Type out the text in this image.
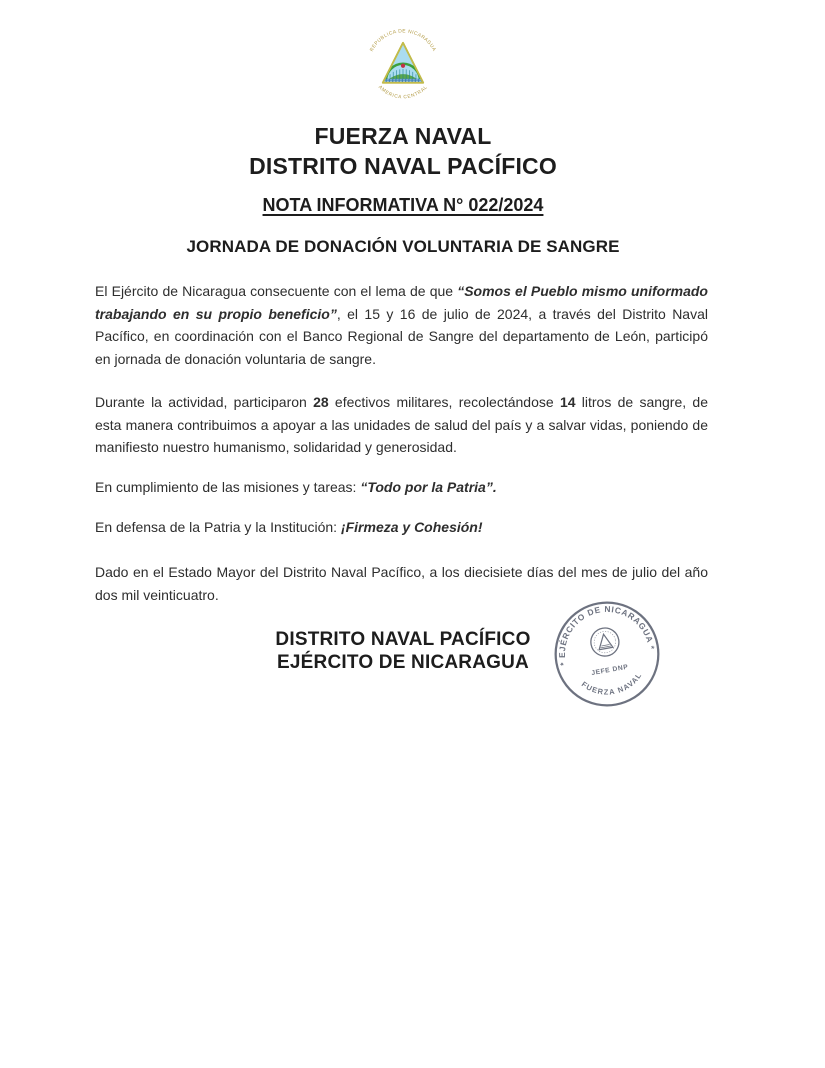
REPUBLICA DE NICARAGUA
AMERICA CENTRAL
FUERZA NAVAL
DISTRITO NAVAL PACÍFICO
NOTA INFORMATIVA N° 022/2024
JORNADA DE DONACIÓN VOLUNTARIA DE SANGRE

El Ejército de Nicaragua consecuente con el lema de que “Somos el Pueblo mismo uniformado trabajando en su propio beneficio”, el 15 y 16 de julio de 2024, a través del Distrito Naval Pacífico, en coordinación con el Banco Regional de Sangre del departamento de León, participó en jornada de donación voluntaria de sangre.

Durante la actividad, participaron 28 efectivos militares, recolectándose 14 litros de sangre, de esta manera contribuimos a apoyar a las unidades de salud del país y a salvar vidas, poniendo de manifiesto nuestro humanismo, solidaridad y generosidad.

En cumplimiento de las misiones y tareas: “Todo por la Patria”.

En defensa de la Patria y la Institución: ¡Firmeza y Cohesión!

Dado en el Estado Mayor del Distrito Naval Pacífico, a los diecisiete días del mes de julio del año dos mil veinticuatro.

DISTRITO NAVAL PACÍFICO
EJÉRCITO DE NICARAGUA	* EJÉRCITO DE NICARAGUA *
JEFE DNP
FUERZA NAVAL
